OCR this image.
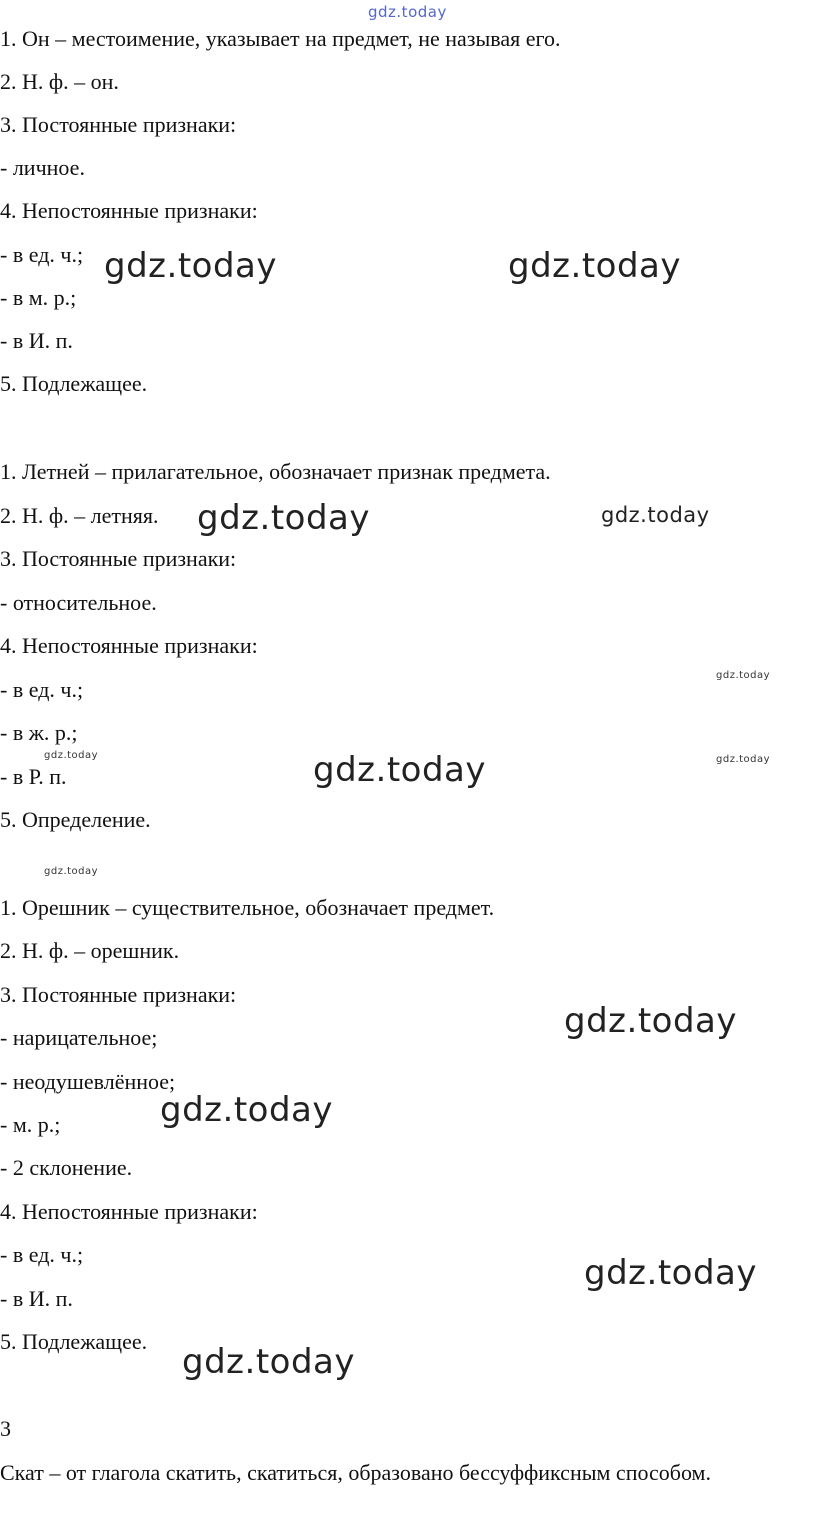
1. Он – местоимение, указывает на предмет, не называя его.
2. Н. ф. – он.
3. Постоянные признаки:
- личное.
4. Непостоянные признаки:
- в ед. ч.;
- в м. р.;
- в И. п.
5. Подлежащее.
1. Летней – прилагательное, обозначает признак предмета.
2. Н. ф. – летняя.
3. Постоянные признаки:
- относительное.
4. Непостоянные признаки:
- в ед. ч.;
- в ж. р.;
- в Р. п.
5. Определение.
1. Орешник – существительное, обозначает предмет.
2. Н. ф. – орешник.
3. Постоянные признаки:
- нарицательное;
- неодушевлённое;
- м. р.;
- 2 склонение.
4. Непостоянные признаки:
- в ед. ч.;
- в И. п.
5. Подлежащее.
3
Скат – от глагола скатить, скатиться, образовано бессуффиксным способом.
gdz.today
gdz.today	gdz.today
gdz.today	gdz.today
gdz.today
gdz.today	gdz.today	gdz.today
gdz.today
gdz.today
gdz.today
gdz.today
gdz.today
